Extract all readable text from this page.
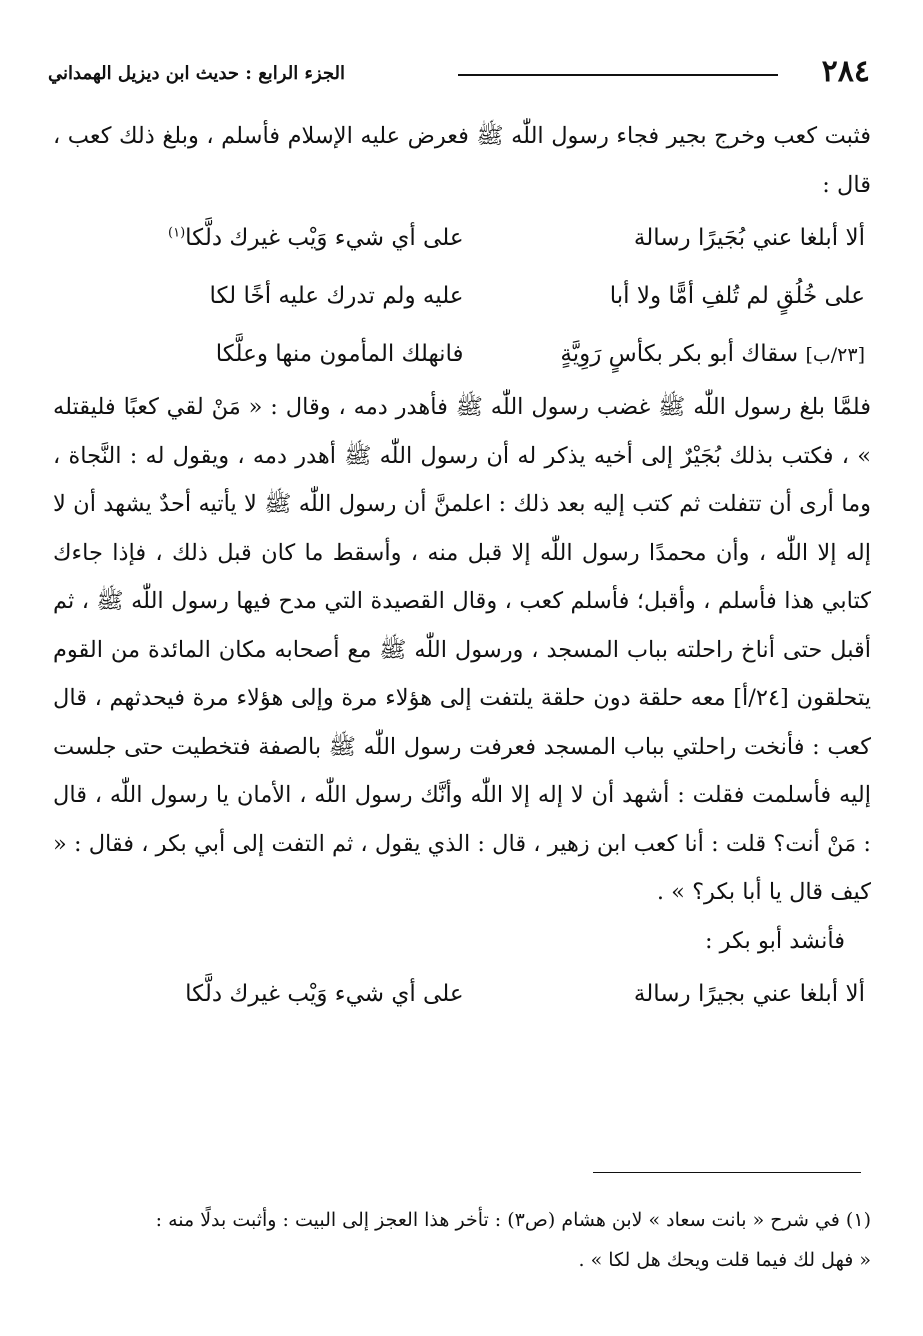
٢٨٤
الجزء الرابع : حديث ابن ديزيل الهمداني

فثبت كعب وخرج بجير فجاء رسول اللّٰه ﷺ فعرض عليه الإسلام فأسلم ، وبلغ ذلك كعب ، قال :

ألا أبلغا عني بُجَيرًا رسالة
على أي شيء وَيْب غيرك دلَّكا$^{(١)}$
على خُلُقٍ لم تُلفِ أمًّا ولا أبا
عليه ولم تدرك عليه أخًا لكا
[٢٣/ب] سقاك أبو بكر بكأسٍ رَوِيَّةٍ
فانهلك المأمون منها وعلَّكا

فلمَّا بلغ رسول اللّٰه ﷺ غضب رسول اللّٰه ﷺ فأهدر دمه ، وقال : « مَنْ لقي كعبًا فليقتله » ، فكتب بذلك بُجَيْرٌ إلى أخيه يذكر له أن رسول اللّٰه ﷺ أهدر دمه ، ويقول له : النَّجاة ، وما أرى أن تتفلت ثم كتب إليه بعد ذلك : اعلمنَّ أن رسول اللّٰه ﷺ لا يأتيه أحدٌ يشهد أن لا إله إلا اللّٰه ، وأن محمدًا رسول اللّٰه إلا قبل منه ، وأسقط ما كان قبل ذلك ، فإذا جاءك كتابي هذا فأسلم ، وأقبل؛ فأسلم كعب ، وقال القصيدة التي مدح فيها رسول اللّٰه ﷺ ، ثم أقبل حتى أناخ راحلته بباب المسجد ، ورسول اللّٰه ﷺ مع أصحابه مكان المائدة من القوم يتحلقون [٢٤/أ] معه حلقة دون حلقة يلتفت إلى هؤلاء مرة وإلى هؤلاء مرة فيحدثهم ، قال كعب : فأنخت راحلتي بباب المسجد فعرفت رسول اللّٰه ﷺ بالصفة فتخطيت حتى جلست إليه فأسلمت فقلت : أشهد أن لا إله إلا اللّٰه وأنَّك رسول اللّٰه ، الأمان يا رسول اللّٰه ، قال : مَنْ أنت؟ قلت : أنا كعب ابن زهير ، قال : الذي يقول ، ثم التفت إلى أبي بكر ، فقال : « كيف قال يا أبا بكر؟ » .

فأنشد أبو بكر :

ألا أبلغا عني بجيرًا رسالة
على أي شيء وَيْب غيرك دلَّكا

(١) في شرح « بانت سعاد » لابن هشام (ص٣) : تأخر هذا العجز إلى البيت : وأثبت بدلًا منه :

« فهل لك فيما قلت ويحك هل لكا » .
